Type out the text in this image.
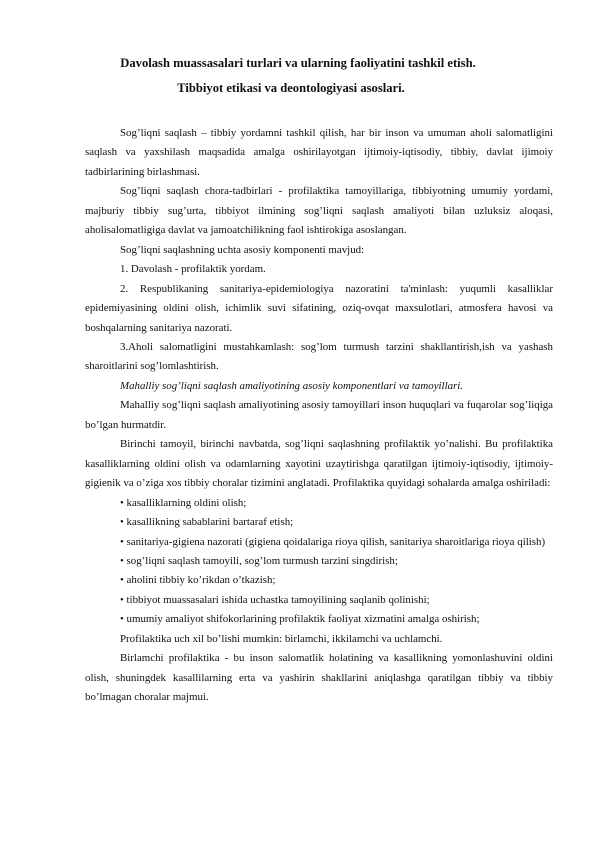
Davolash muassasalari turlari va ularning faoliyatini tashkil etish.
Tibbiyot etikasi va deontologiyasi asoslari.

Sog’liqni saqlash – tibbiy yordamni tashkil qilish, har bir inson va umuman aholi salomatligini saqlash va yaxshilash maqsadida amalga oshirilayotgan ijtimoiy-iqtisodiy, tibbiy, davlat ijimoiy tadbirlarining birlashmasi.

Sog’liqni saqlash chora-tadbirlari - profilaktika tamoyillariga, tibbiyotning umumiy yordami, majburiy tibbiy sug’urta, tibbiyot ilmining sog’liqni saqlash amaliyoti bilan uzluksiz aloqasi, aholisalomatligiga davlat va jamoatchilikning faol ishtirokiga asoslangan.

Sog’liqni saqlashning uchta asosiy komponenti mavjud:

1. Davolash - profilaktik yordam.

2. Respublikaning sanitariya-epidemiologiya nazoratini ta'minlash: yuqumli kasalliklar epidemiyasining oldini olish, ichimlik suvi sifatining, oziq-ovqat maxsulotlari, atmosfera havosi va boshqalarning sanitariya nazorati.

3.Aholi salomatligini mustahkamlash: sog’lom turmush tarzini shakllantirish,ish va yashash sharoitlarini sog’lomlashtirish.

Mahalliy sog’liqni saqlash amaliyotining asosiy komponentlari va tamoyillari.

Mahalliy sog’liqni saqlash amaliyotining asosiy tamoyillari inson huquqlari va fuqarolar sog’liqiga bo’lgan hurmatdir.

Birinchi tamoyil, birinchi navbatda, sog’liqni saqlashning profilaktik yo’nalishi. Bu profilaktika kasalliklarning oldini olish va odamlarning xayotini uzaytirishga qaratilgan ijtimoiy-iqtisodiy, ijtimoiy-gigienik va o’ziga xos tibbiy choralar tizimini anglatadi. Profilaktika quyidagi sohalarda amalga oshiriladi:

• kasalliklarning oldini olish;

• kasallikning sabablarini bartaraf etish;

• sanitariya-gigiena nazorati (gigiena qoidalariga rioya qilish, sanitariya sharoitlariga rioya qilish)

• sog’liqni saqlash tamoyili, sog’lom turmush tarzini singdirish;

• aholini tibbiy ko’rikdan o’tkazish;

• tibbiyot muassasalari ishida uchastka tamoyilining saqlanib qolinishi;

• umumiy amaliyot shifokorlarining profilaktik faoliyat xizmatini amalga oshirish;

Profilaktika uch xil bo’lishi mumkin: birlamchi, ikkilamchi va uchlamchi.

Birlamchi profilaktika - bu inson salomatlik holatining va kasallikning yomonlashuvini oldini olish, shuningdek kasallilarning erta va yashirin shakllarini aniqlashga qaratilgan tibbiy va tibbiy bo’lmagan choralar majmui.
